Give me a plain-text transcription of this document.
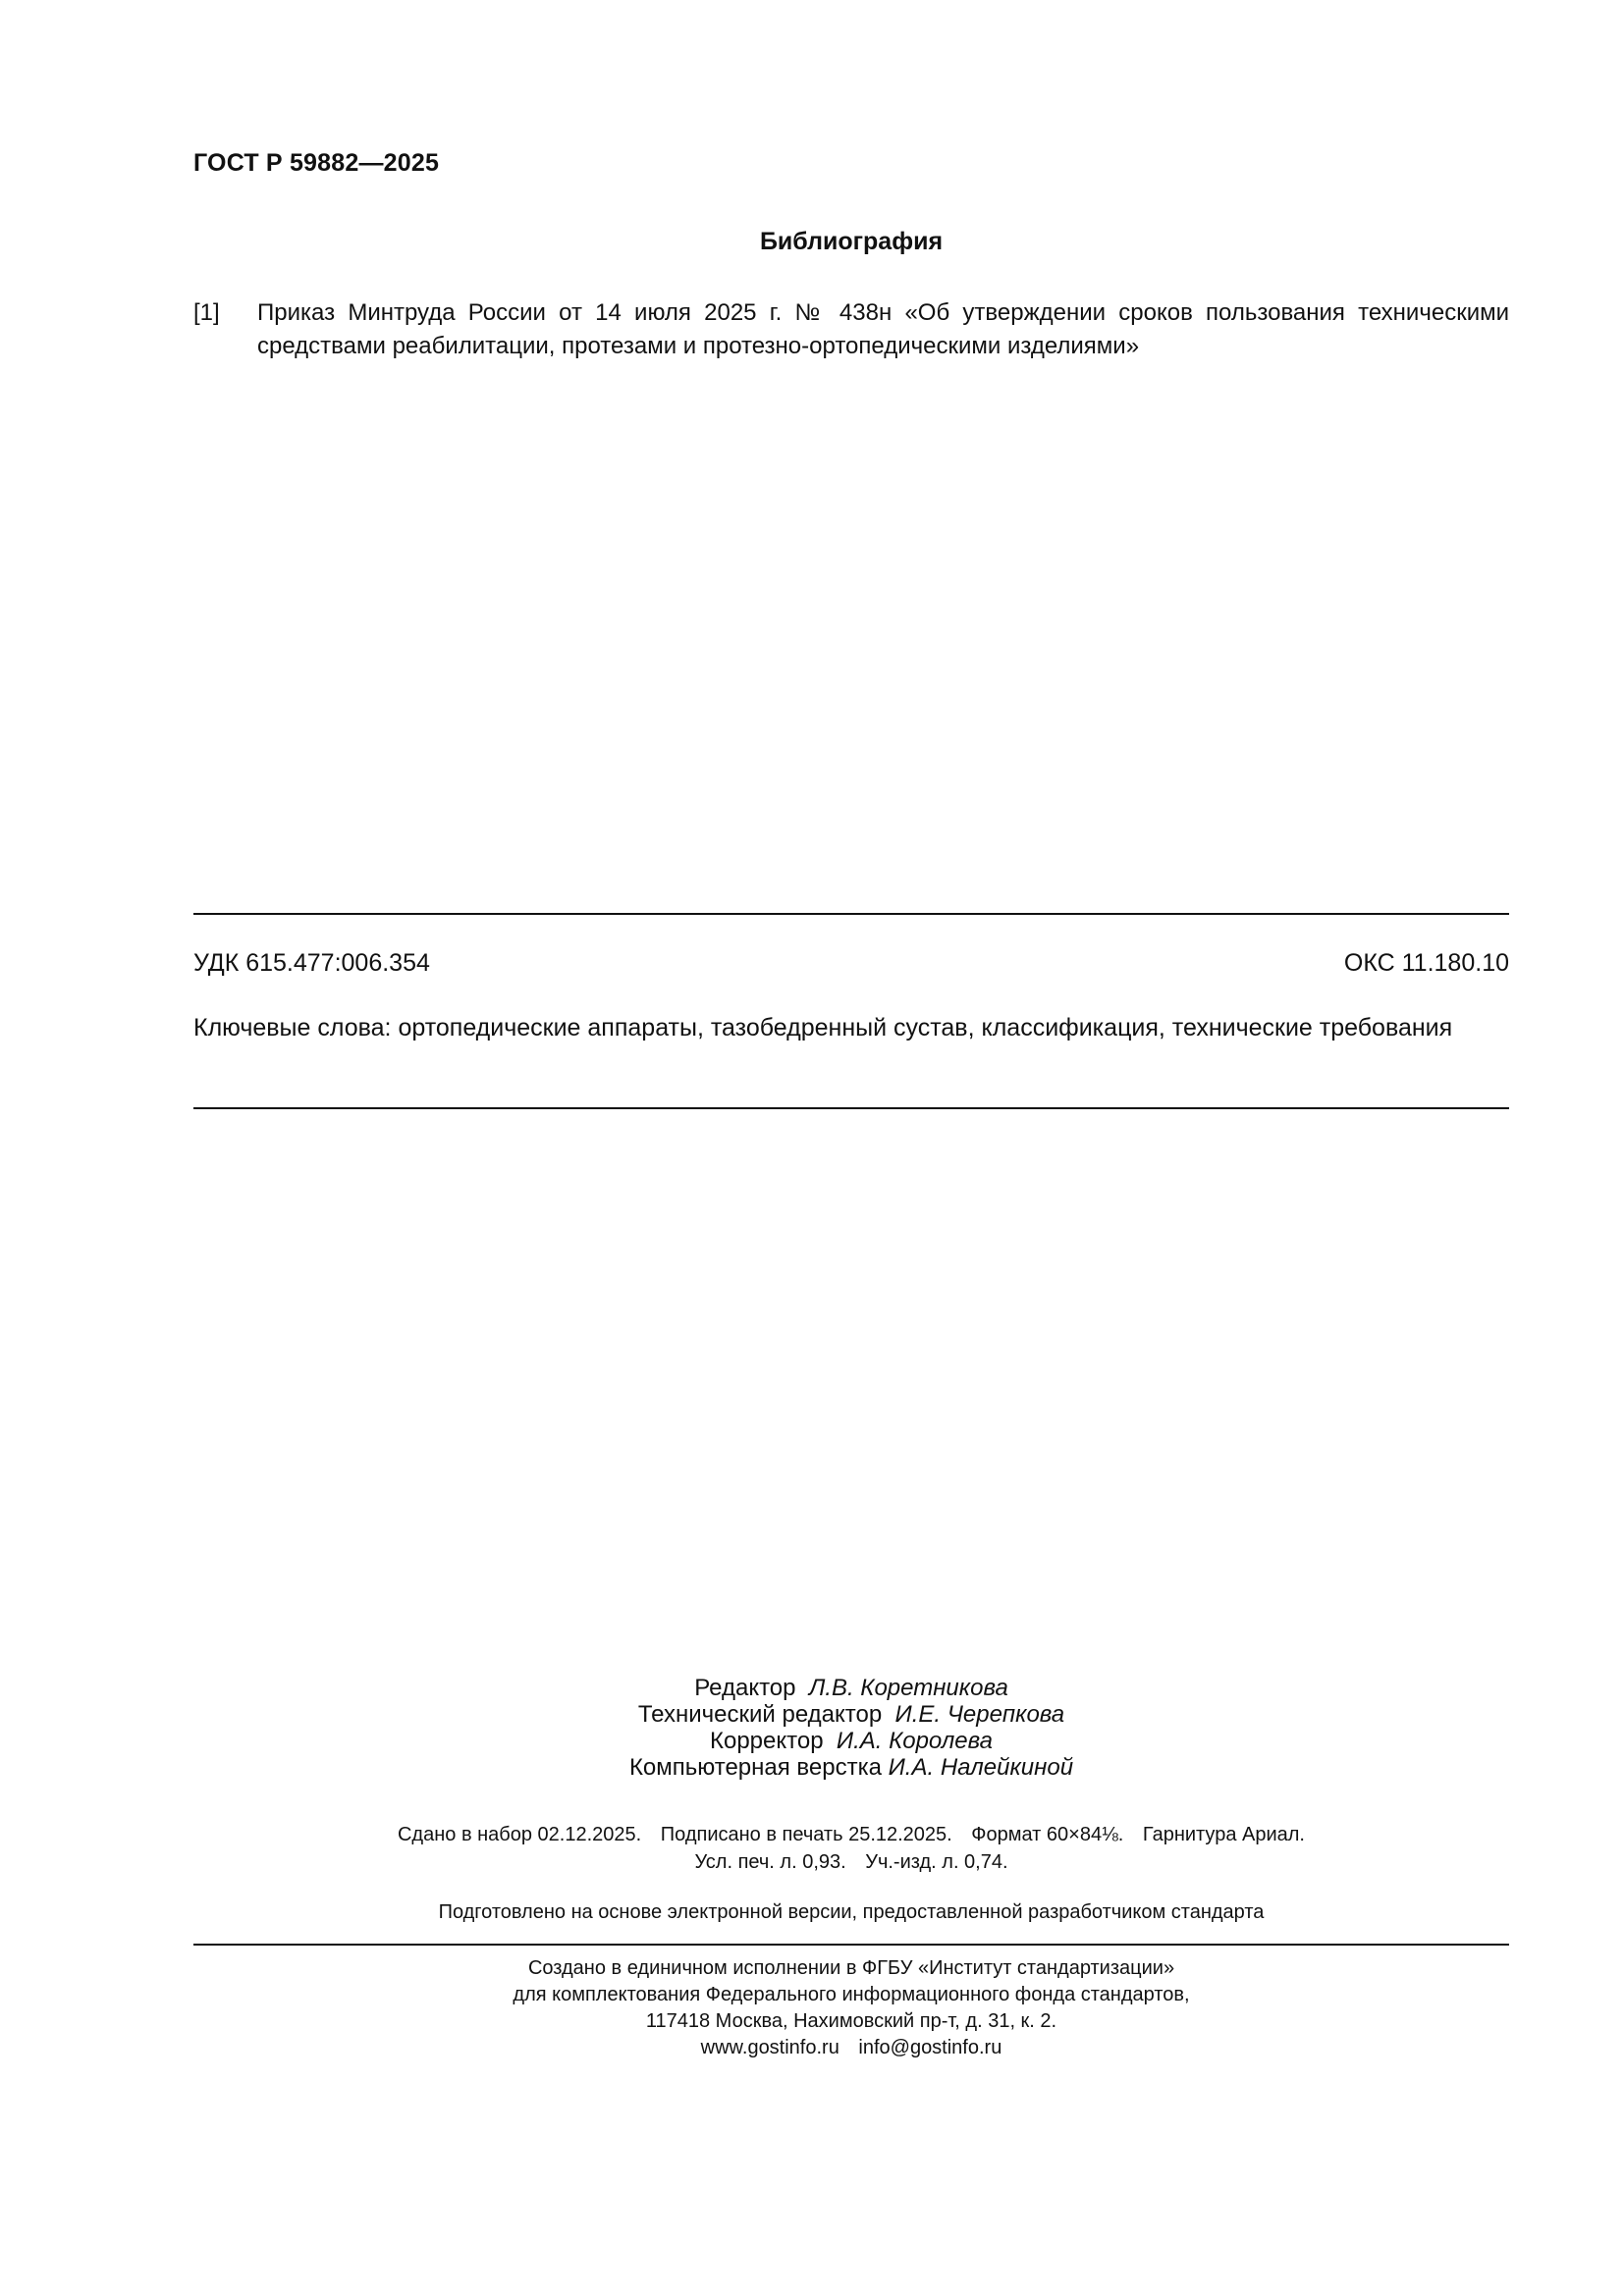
ГОСТ Р 59882—2025
Библиография
[1] Приказ Минтруда России от 14 июля 2025 г. № 438н «Об утверждении сроков пользования техническими средствами реабилитации, протезами и протезно-ортопедическими изделиями»
УДК 615.477:006.354	ОКС 11.180.10
Ключевые слова: ортопедические аппараты, тазобедренный сустав, классификация, технические требования
Редактор Л.В. Коретникова
Технический редактор И.Е. Черепкова
Корректор И.А. Королева
Компьютерная верстка И.А. Налейкиной
Сдано в набор 02.12.2025. Подписано в печать 25.12.2025. Формат 60×84⅛. Гарнитура Ариал.
Усл. печ. л. 0,93. Уч.-изд. л. 0,74.
Подготовлено на основе электронной версии, предоставленной разработчиком стандарта
Создано в единичном исполнении в ФГБУ «Институт стандартизации»
для комплектования Федерального информационного фонда стандартов,
117418 Москва, Нахимовский пр-т, д. 31, к. 2.
www.gostinfo.ru info@gostinfo.ru
